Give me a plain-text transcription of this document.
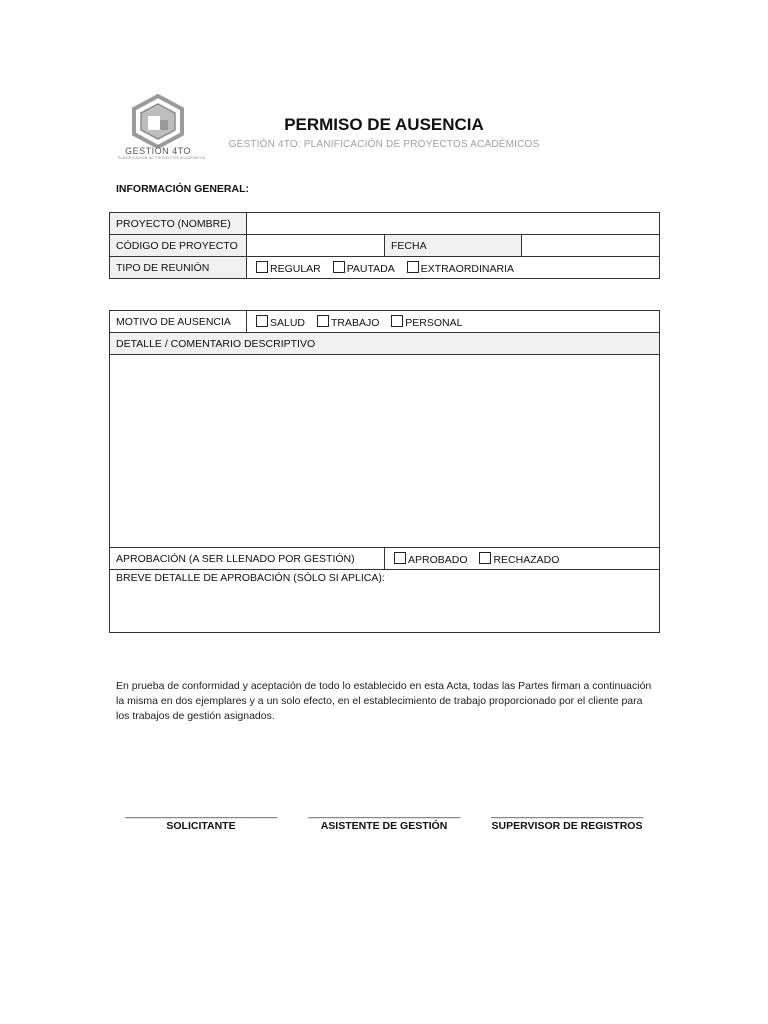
GESTIÓN 4TO
PLANIFICACIÓN DE PROYECTOS ACADÉMICOS
PERMISO DE AUSENCIA
GESTIÓN 4TO: PLANIFICACIÓN DE PROYECTOS ACADÉMICOS
INFORMACIÓN GENERAL:
PROYECTO (NOMBRE)			
CÓDIGO DE PROYECTO		FECHA	
TIPO DE REUNIÓN	REGULAR PAUTADA EXTRAORDINARIA		
MOTIVO DE AUSENCIA	SALUD TRABAJO PERSONAL	
DETALLE / COMENTARIO DESCRIPTIVO		

APROBACIÓN (A SER LLENADO POR GESTIÓN)		APROBADO RECHAZADO
BREVE DETALLE DE APROBACIÓN (SÓLO SI APLICA):		
En prueba de conformidad y aceptación de todo lo establecido en esta Acta, todas las Partes firman a continuación la misma en dos ejemplares y a un solo efecto, en el establecimiento de trabajo proporcionado por el cliente para los trabajos de gestión asignados.
______________________________
SOLICITANTE
______________________________
ASISTENTE DE GESTIÓN
______________________________
SUPERVISOR DE REGISTROS
